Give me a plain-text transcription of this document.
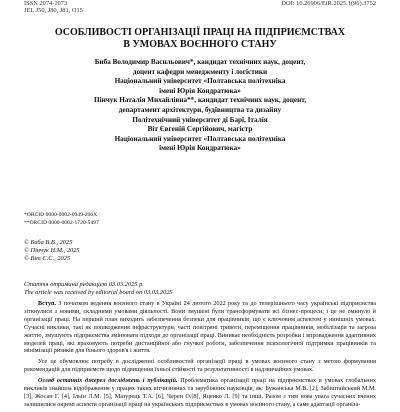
ISSN 2074-1073	DOI: 10.26906/EiR.2025.1(96).3752
JEL J50, J80, J81, O15
ОСОБЛИВОСТІ ОРГАНІЗАЦІЇ ПРАЦІ НА ПІДПРИЄМСТВАХ
В УМОВАХ ВОЄННОГО СТАНУ
Биба Володимир Васильович*, кандидат технічних наук, доцент,
доцент кафедри менеджменту і логістики
Національний університет «Полтавська політехніка
імені Юрія Кондратюка»
Пінчук Наталія Михайлівна**, кандидат технічних наук, доцент,
департамент архітектури, будівництва та дизайну
Політехнічний університет ді Барі, Італія
Віт Євгеній Сергійович, магістр
Національний університет «Полтавська політехніка
імені Юрія Кондратюка»
*ORCID 0000-0002-0949-206X
**ORCID 0000-0002-1720-5497
© Биба В.В., 2025
© Пінчук Н.М., 2025
© Віт Є.С., 2025
Стаття отримана редакцією 03.03.2025 р.
The article was received by editorial board on 03.03.2025

Вступ. З початком ведення воєнного стану в Україні 24 лютого 2022 року та до теперішнього часу українські підприємства зіткнулися з новими, складними умовами діяльності. Вони змушені були трансформувати всі бізнес-процеси, і це не оминуло й організації праці. На перший план виходить забезпечення безпеки для працівників, що є ключовим аспектом у нинішніх умовах. Сучасні виклики, такі як пошкодження інфраструктури, часті повітряні тривоги, переміщення працівників, мобілізація та загроза життю, змушують підприємства змінювати підходи до організації праці. Виникає необхідність розробки і впровадження адаптивних моделей праці, які враховують потреби дистанційної або гнучкої роботи, забезпечення психологічної підтримки працівників та мінімізації ризиків для їхнього здоров'я і життя.

Усе це обумовлює потребу в дослідженні особливостей організації праці в умовах воєнного стану з метою формування рекомендацій для підприємств щодо підвищення їхньої стійкості та результативності в надзвичайних умовах.

Огляд останніх джерел досліджень і публікацій. Проблематика організації праці на підприємствах в умовах глобальних викликів знайшла відображення у працях таких вітчизняних та зарубіжних науковців, як: Бужанська М.В. [2], Забіштайський М.М. [3], Жосан Г. [4], Ільїн Л.М. [5], Мазурець Т.А. [6], Черен О.[8], Яценко Л. [9] та інші. Разом з тим нова увага сучасних вчених залишилися окремі аспекти організації праці на українських підприємствах в умовах воєнного стану, а саме адаптації організа-
